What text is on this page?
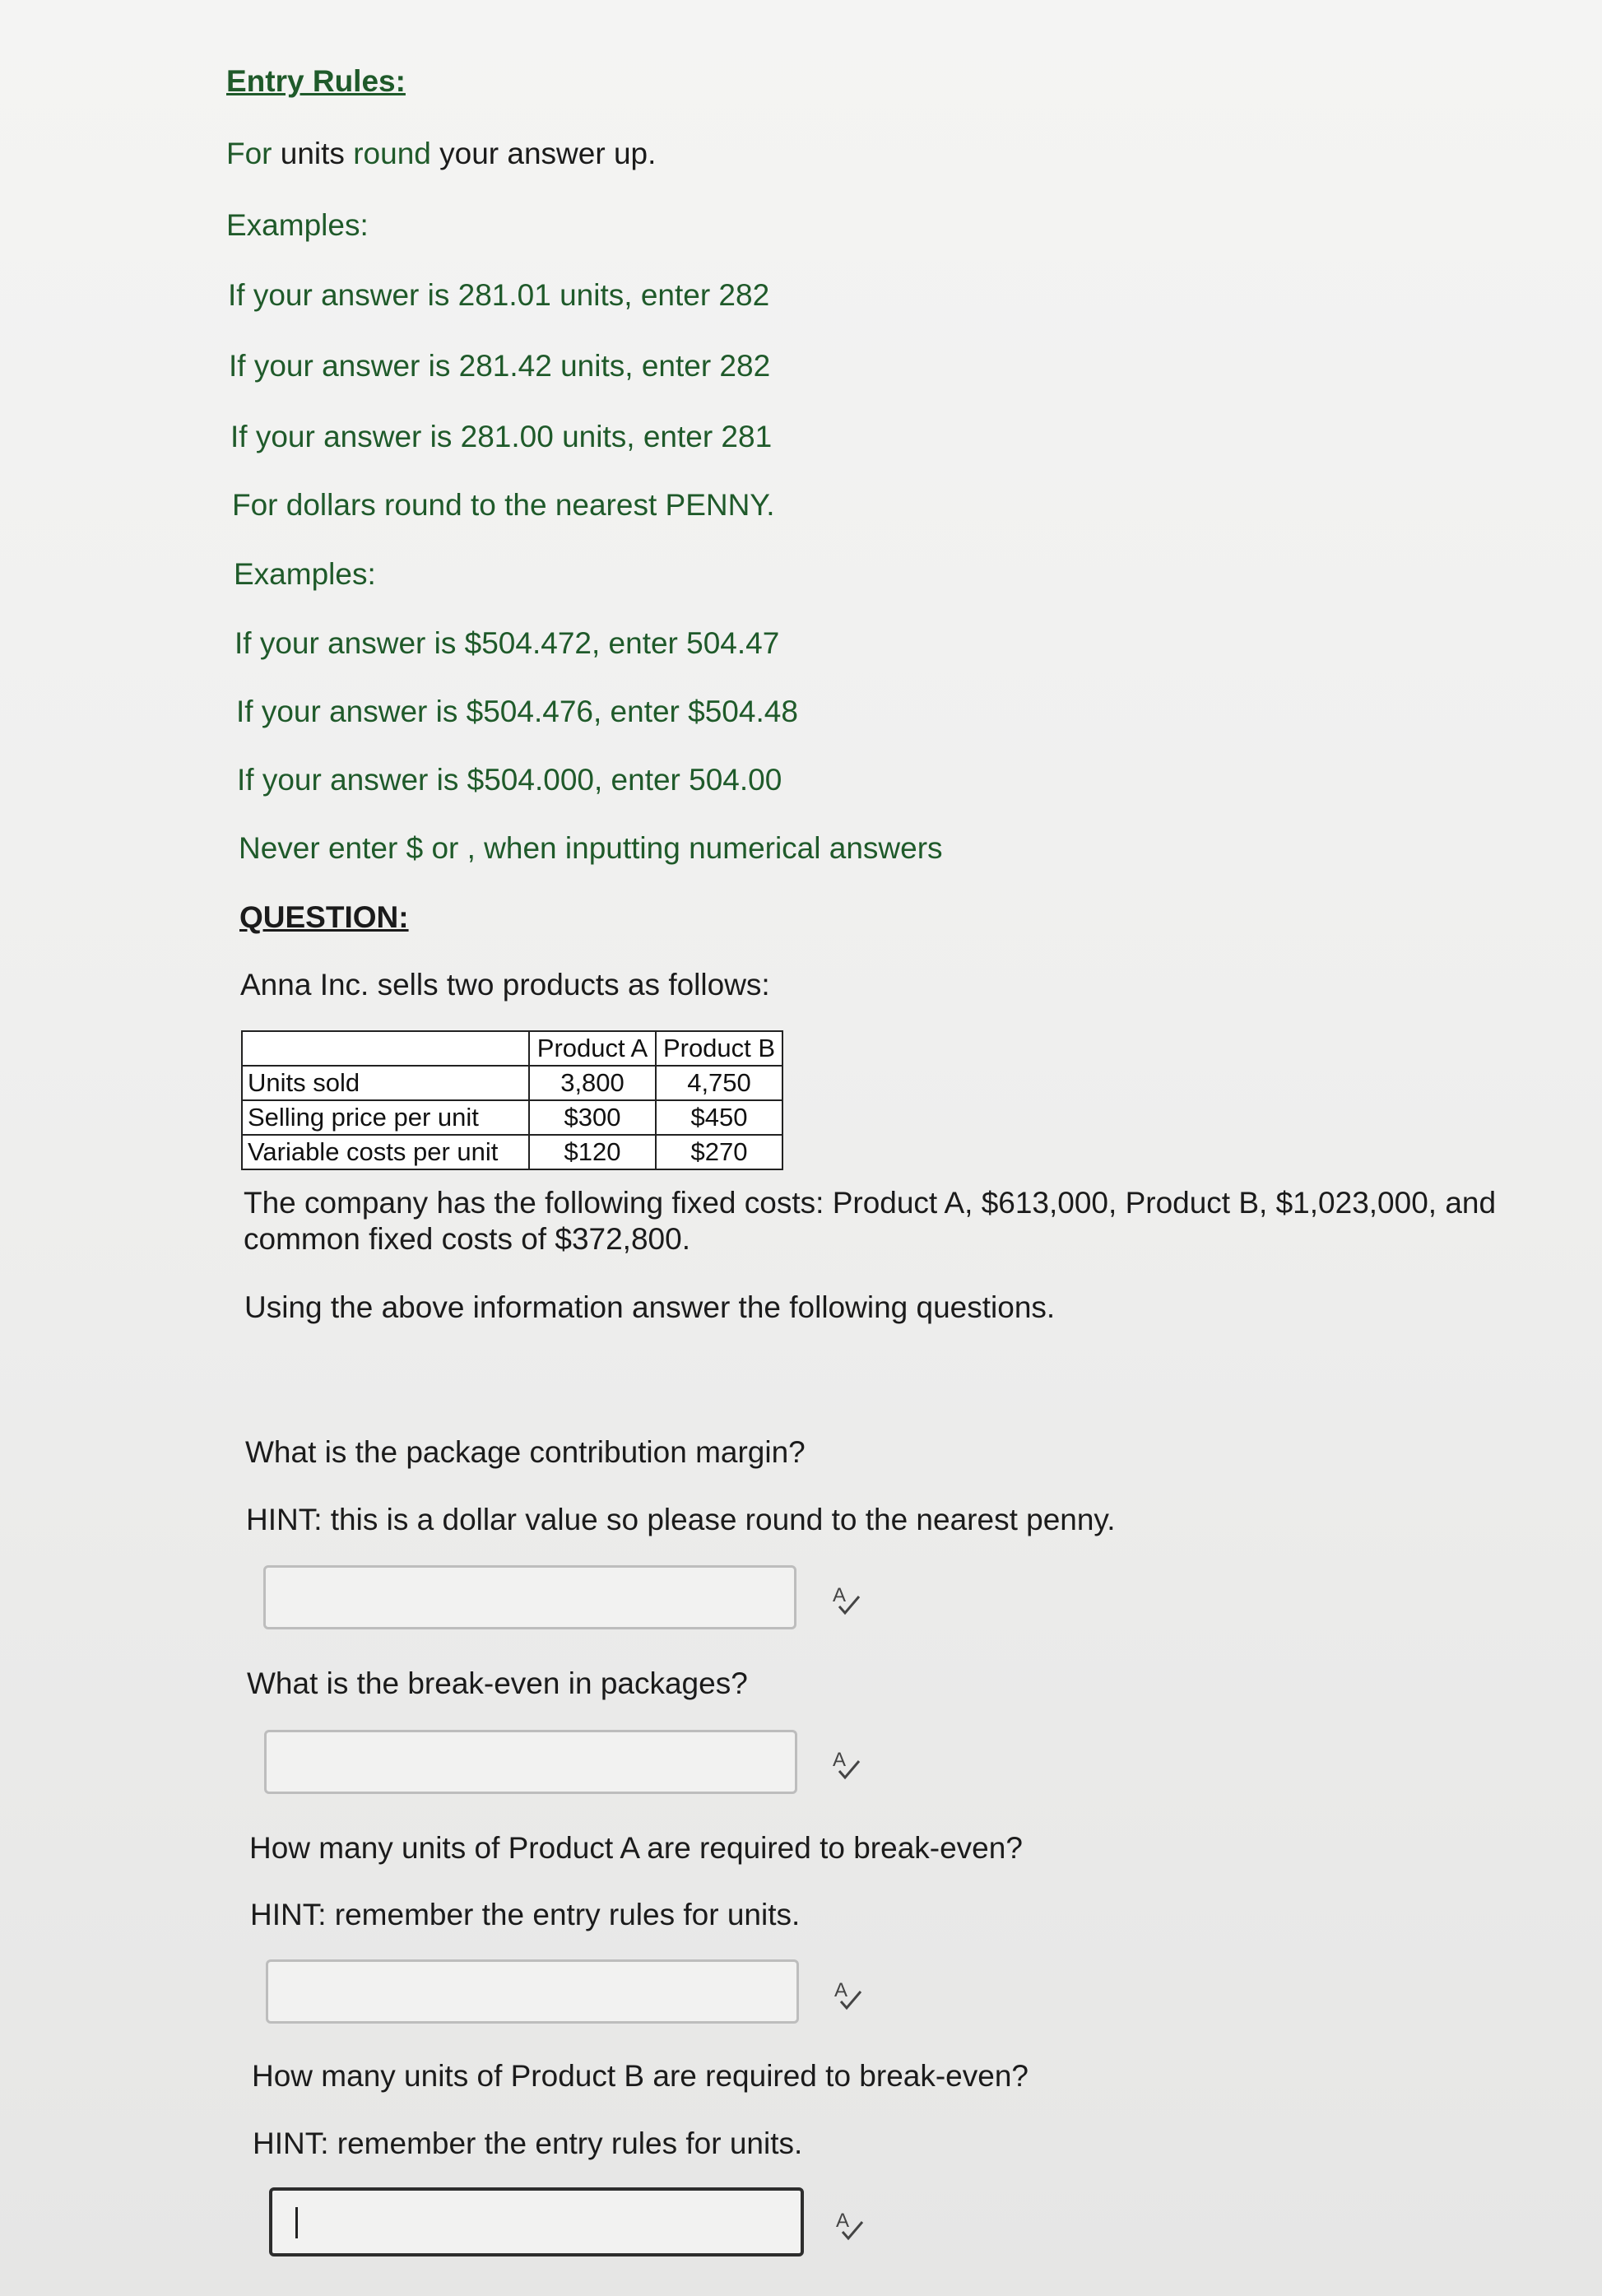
Entry Rules:
For units round your answer up.
Examples:
If your answer is 281.01 units, enter 282
If your answer is 281.42 units, enter 282
If your answer is 281.00 units, enter 281
For dollars round to the nearest PENNY.
Examples:
If your answer is $504.472, enter 504.47
If your answer is $504.476, enter $504.48
If your answer is $504.000, enter 504.00
Never enter $ or , when inputting numerical answers
QUESTION:
Anna Inc. sells two products as follows:
	Product A	Product B
Units sold	3,800	4,750
Selling price per unit	$300	$450
Variable costs per unit	$120	$270
The company has the following fixed costs: Product A, $613,000, Product B, $1,023,000, and common fixed costs of $372,800.
Using the above information answer the following questions.
What is the package contribution margin?
HINT: this is a dollar value so please round to the nearest penny.
A
What is the break-even in packages?
A
How many units of Product A are required to break-even?
HINT: remember the entry rules for units.
A
How many units of Product B are required to break-even?
HINT: remember the entry rules for units.
A
